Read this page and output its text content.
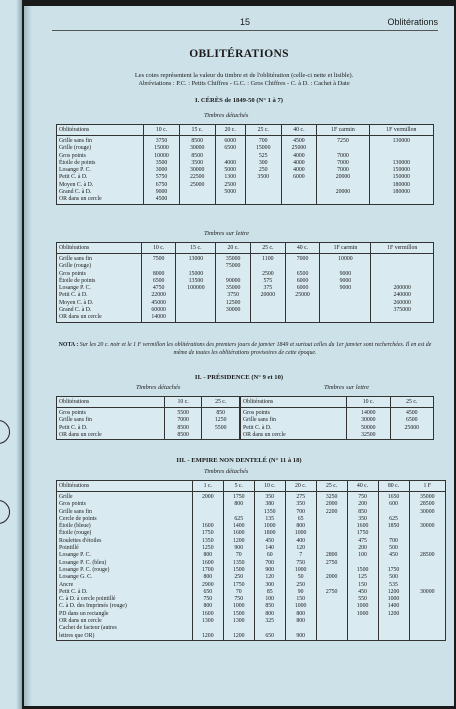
15	Oblitérations
OBLITÉRATIONS
Les cotes représentent la valeur du timbre et de l'oblitération (celle-ci nette et lisible).
Abréviations : P.C. : Petits Chiffres - G.C. : Gros Chiffres - C. à D. : Cachet à Date
I. CÉRÈS de 1849-50 (N° 1 à 7)
Timbres détachés
Oblitérations	10 c.	15 c.	20 c.	25 c.	40 c.	1F carmin	1F vermillon
Grille sans fin	3750	8500	6000	700	4500	7250	130000
Grille (rouge)	15000	30000	6500	15000	25000		
Gros points	10000	8500		525	4000	7000	
Étoile de points	3500	3500	4000	300	4000	7000	130000
Losange P. C.	3000	30000	5000	250	4000	7000	150000
Petit C. à D.	5750	22500	1300	3500	6000	20000	150000
Moyen C. à D.	6750	25000	2500				180000
Grand C. à D.	9000		5000			20000	180000
OR dans un cercle	4500						
Timbres sur lettre
Oblitérations	10 c.	15 c.	20 c.	25 c.	40 c.	1F carmin	1F vermillon
Grille sans fin	7500	13000	35000	1100	7000	10000	
Grille (rouge)			75000				
Gros points	8000	15000		2500	6500	9000	
Étoile de points	6500	13500	90000	575	6000	9000	
Losange P. C.	4750	100000	35000	375	6000	9000	200000
Petit C. à D.	22000		3750	20000	25000		240000
Moyen C. à D.	45000		12500				260000
Grand C. à D.	60000		30000				375000
OR dans un cercle	14000						
NOTA : Sur les 20 c. noir et le 1 F vermillon les oblitérations des premiers jours de janvier 1849 et surtout celles du 1er janvier sont recherchées. Il en est de même de toutes les oblitérations provisoires de cette époque.
II. - PRÉSIDENCE (N° 9 et 10)
Timbres détachés	Timbres sur lettre
Oblitérations	10 c.	25 c.
Gros points	5500	850
Grille sans fin	7000	1250
Petit C. à D.	8500	5500
OR dans un cercle	8500	
Oblitérations	10 c.	25 c.
Gros points	14000	4500
Grille sans fin	30000	6500
Petit C. à D.	50000	25000
OR dans un cercle	32500	
III. - EMPIRE NON DENTELÉ (N° 11 à 18)
Timbres détachés
Oblitérations	1 c.	5 c.	10 c.	20 c.	25 c.	40 c.	80 c.	1 F
Grille	2000	1750	350	275	3250	750	1650	35000
Gros points		800	380	350	2000	200	600	28500
Grille sans fin			1350	700	2200	850		30000
Cercle de points		625	135	65		350	625	
Étoile (bleue)	1600	1400	1000	800		1600	1850	30000
Étoile (rouge)	1750	1600	1800	1000		1750		
Roulettes d'étoiles	1350	1200	450	400		475	700	
Pointillé	1250	900	140	120		200	500	
Losange P. C.	800	70	60	7	2800	100	450	28500
Losange P. C. (bleu)	1600	1350	700	750	2750			
Losange P. C. (rouge)	1700	1500	900	1000		1500	1750	
Losange G. C.	800	250	120	50	2000	125	500	
Ancre	2900	1750	300	250		150	535	
Petit C. à D.	650	70	85	90	2750	450	1200	30000
C. à D. à cercle pointillé	750	750	100	150		550	1000	
C. à D. des Imprimés (rouge)	800	1000	850	1000		1000	1400	
PD dans un rectangle	1600	1500	800	800		1000	1200	
OR dans un cercle	1300	1300	325	800				
Cachet de facteur (autres								
lettres que OR)	1200	1200	650	900				
